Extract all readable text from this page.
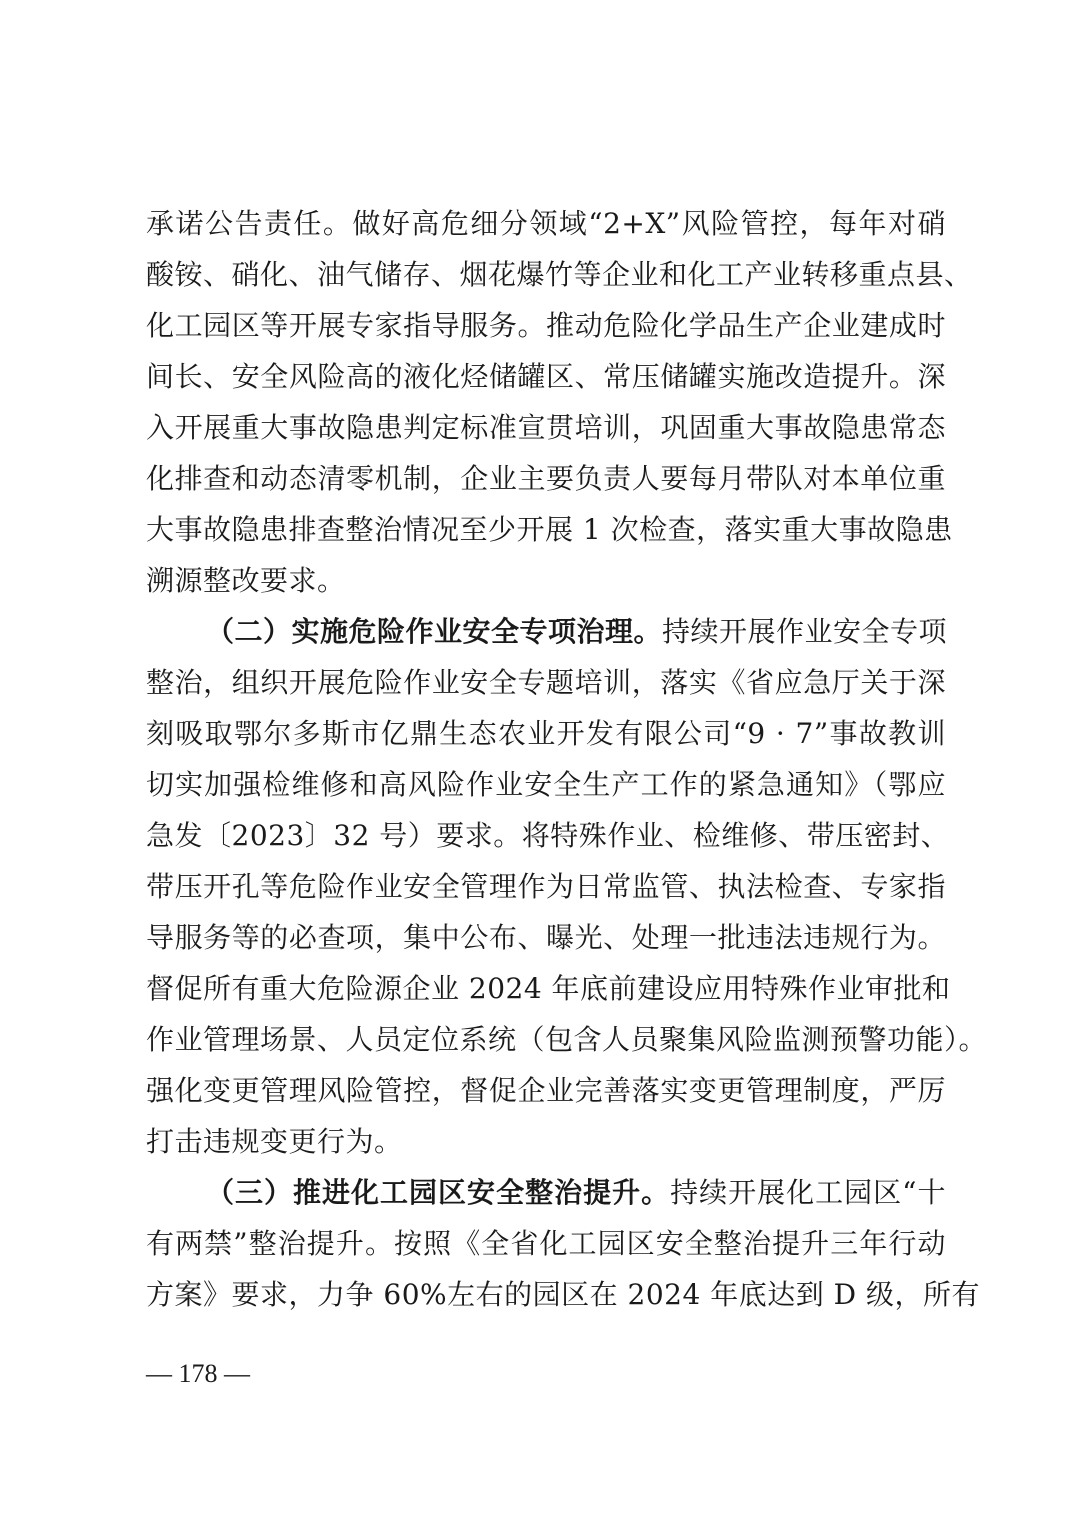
承诺公告责任。做好高危细分领域“2+X”风险管控，每年对硝
酸铵、硝化、油气储存、烟花爆竹等企业和化工产业转移重点县、
化工园区等开展专家指导服务。推动危险化学品生产企业建成时
间长、安全风险高的液化烃储罐区、常压储罐实施改造提升。深
入开展重大事故隐患判定标准宣贯培训，巩固重大事故隐患常态
化排查和动态清零机制，企业主要负责人要每月带队对本单位重
大事故隐患排查整治情况至少开展 1 次检查，落实重大事故隐患
溯源整改要求。
（二）实施危险作业安全专项治理。持续开展作业安全专项
整治，组织开展危险作业安全专题培训，落实《省应急厅关于深
刻吸取鄂尔多斯市亿鼎生态农业开发有限公司“9 · 7”事故教训
切实加强检维修和高风险作业安全生产工作的紧急通知》（鄂应
急发〔2023〕32 号）要求。将特殊作业、检维修、带压密封、
带压开孔等危险作业安全管理作为日常监管、执法检查、专家指
导服务等的必查项，集中公布、曝光、处理一批违法违规行为。
督促所有重大危险源企业 2024 年底前建设应用特殊作业审批和
作业管理场景、人员定位系统（包含人员聚集风险监测预警功能）。
强化变更管理风险管控，督促企业完善落实变更管理制度，严厉
打击违规变更行为。
（三）推进化工园区安全整治提升。持续开展化工园区“十
有两禁”整治提升。按照《全省化工园区安全整治提升三年行动
方案》要求，力争 60%左右的园区在 2024 年底达到 D 级，所有
— 178 —
